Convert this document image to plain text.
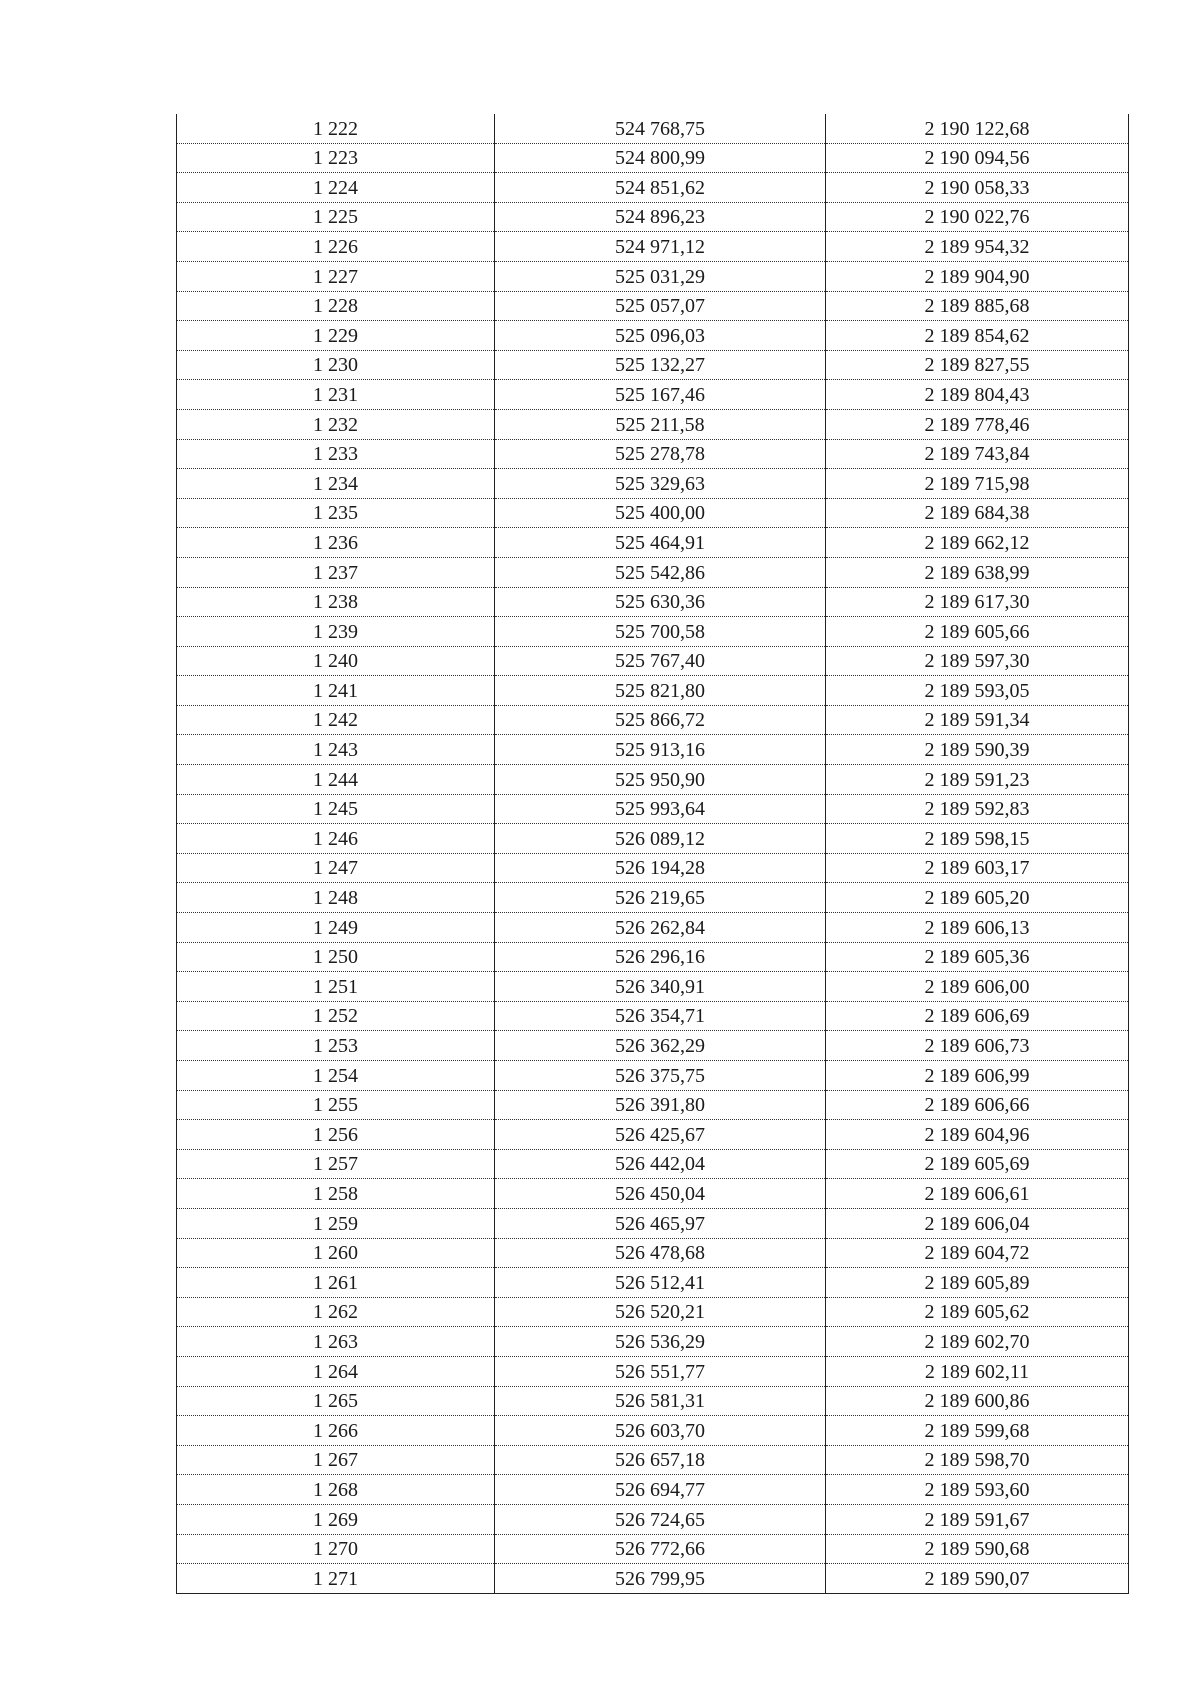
1 222	524 768,75	2 190 122,68
1 223	524 800,99	2 190 094,56
1 224	524 851,62	2 190 058,33
1 225	524 896,23	2 190 022,76
1 226	524 971,12	2 189 954,32
1 227	525 031,29	2 189 904,90
1 228	525 057,07	2 189 885,68
1 229	525 096,03	2 189 854,62
1 230	525 132,27	2 189 827,55
1 231	525 167,46	2 189 804,43
1 232	525 211,58	2 189 778,46
1 233	525 278,78	2 189 743,84
1 234	525 329,63	2 189 715,98
1 235	525 400,00	2 189 684,38
1 236	525 464,91	2 189 662,12
1 237	525 542,86	2 189 638,99
1 238	525 630,36	2 189 617,30
1 239	525 700,58	2 189 605,66
1 240	525 767,40	2 189 597,30
1 241	525 821,80	2 189 593,05
1 242	525 866,72	2 189 591,34
1 243	525 913,16	2 189 590,39
1 244	525 950,90	2 189 591,23
1 245	525 993,64	2 189 592,83
1 246	526 089,12	2 189 598,15
1 247	526 194,28	2 189 603,17
1 248	526 219,65	2 189 605,20
1 249	526 262,84	2 189 606,13
1 250	526 296,16	2 189 605,36
1 251	526 340,91	2 189 606,00
1 252	526 354,71	2 189 606,69
1 253	526 362,29	2 189 606,73
1 254	526 375,75	2 189 606,99
1 255	526 391,80	2 189 606,66
1 256	526 425,67	2 189 604,96
1 257	526 442,04	2 189 605,69
1 258	526 450,04	2 189 606,61
1 259	526 465,97	2 189 606,04
1 260	526 478,68	2 189 604,72
1 261	526 512,41	2 189 605,89
1 262	526 520,21	2 189 605,62
1 263	526 536,29	2 189 602,70
1 264	526 551,77	2 189 602,11
1 265	526 581,31	2 189 600,86
1 266	526 603,70	2 189 599,68
1 267	526 657,18	2 189 598,70
1 268	526 694,77	2 189 593,60
1 269	526 724,65	2 189 591,67
1 270	526 772,66	2 189 590,68
1 271	526 799,95	2 189 590,07
